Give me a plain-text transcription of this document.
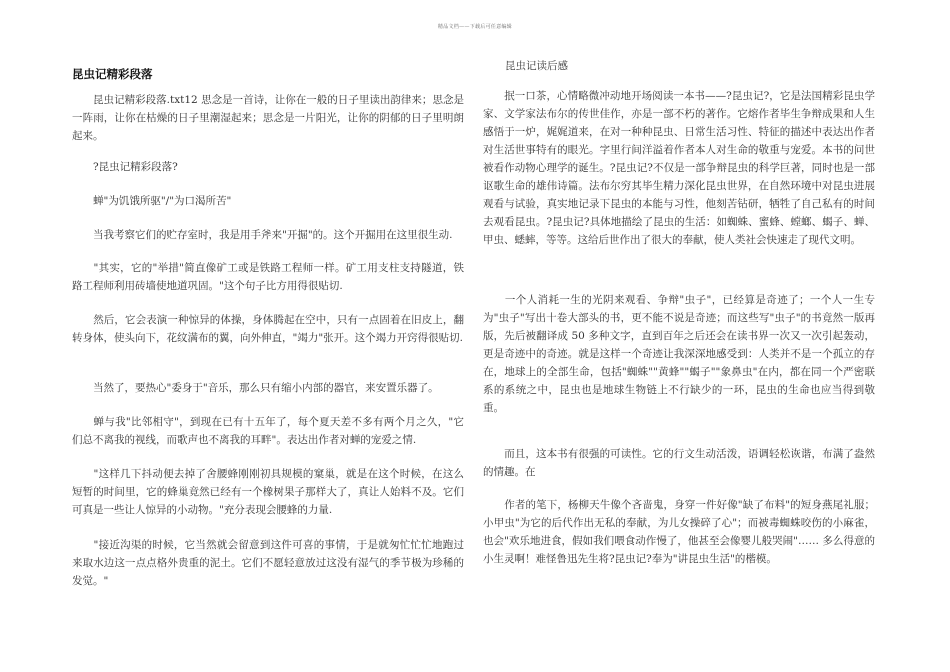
精品文档——下载后可任意编辑
昆虫记精彩段落

　　昆虫记精彩段落.txt12 思念是一首诗，让你在一般的日子里读出韵律来；思念是一阵雨，让你在枯燥的日子里潮湿起来；思念是一片阳光，让你的阴郁的日子里明朗起来。

　　?昆虫记精彩段落?

　　蝉"为饥饿所驱"/"为口渴所苦"

　　当我考察它们的贮存室时，我是用手斧来"开掘"的。这个开掘用在这里很生动.

　　"其实，它的"举措"简直像矿工或是铁路工程师一样。矿工用支柱支持隧道，铁路工程师利用砖墙使地道巩固。"这个句子比方用得很贴切.

　　然后，它会表演一种惊异的体操，身体腾起在空中，只有一点固着在旧皮上，翻转身体，使头向下，花纹满布的翼，向外伸直，"竭力"张开。这个竭力开窍得很贴切.

　　当然了，要热心"委身于"音乐，那么只有缩小内部的器官，来安置乐器了。

　　蝉与我"比邻相守"，到现在已有十五年了，每个夏天差不多有两个月之久，"它们总不离我的视线，而歌声也不离我的耳畔"。表达出作者对蝉的宠爱之情.

　　"这样几下抖动便去掉了舍腰蜂刚刚初具规模的窠巢，就是在这个时候，在这么短暂的时间里，它的蜂巢竟然已经有一个橡树果子那样大了，真让人始料不及。它们可真是一些让人惊异的小动物。"充分表现会腰蜂的力量.

　　"接近沟渠的时候，它当然就会留意到这件可喜的事情，于是就匆忙忙忙地跑过来取水边这一点点格外贵重的泥土。它们不愿轻意放过这没有湿气的季节极为珍稀的发觉。"

昆虫记读后感

　　抿一口茶，心情略微冲动地开场阅读一本书——?昆虫记?，它是法国精彩昆虫学家、文学家法布尔的传世佳作，亦是一部不朽的著作。它熔作者毕生争辩成果和人生感悟于一炉，娓娓道来，在对一种种昆虫、日常生活习性、特征的描述中表达出作者对生活世事特有的眼光。字里行间洋溢着作者本人对生命的敬重与宠爱。本书的问世被看作动物心理学的诞生。?昆虫记?不仅是一部争辩昆虫的科学巨著，同时也是一部讴歌生命的雄伟诗篇。法布尔穷其毕生精力深化昆虫世界，在自然环境中对昆虫进展观看与试验，真实地记录下昆虫的本能与习性，他刻苦钻研，牺牲了自己私有的时间去观看昆虫。?昆虫记?具体地描绘了昆虫的生活：如蜘蛛、蜜蜂、螳螂、蝎子、蝉、甲虫、蟋蟀，等等。这给后世作出了很大的奉献，使人类社会快速走了现代文明。

　　一个人消耗一生的光阴来观看、争辩"虫子"，已经算是奇迹了；一个人一生专为"虫子"写出十卷大部头的书，更不能不说是奇迹；而这些写"虫子"的书竟然一版再版，先后被翻译成 50 多种文字，直到百年之后还会在读书界一次又一次引起轰动，更是奇迹中的奇迹。就是这样一个奇迹让我深深地感受到：人类并不是一个孤立的存在，地球上的全部生命，包括"蜘蛛""黄蜂""蝎子""象鼻虫"在内，都在同一个严密联系的系统之中，昆虫也是地球生物链上不行缺少的一环，昆虫的生命也应当得到敬重。

　　而且，这本书有很强的可读性。它的行文生动活泼，语调轻松诙谐，布满了盎然的情趣。在

　　作者的笔下，杨柳天牛像个吝啬鬼，身穿一件好像"缺了布料"的短身燕尾礼服；小甲虫"为它的后代作出无私的奉献，为儿女操碎了心"；而被毒蜘蛛咬伤的小麻雀，也会"欢乐地进食，假如我们喂食动作慢了，他甚至会像婴儿般哭闹"…… 多么得意的小生灵啊！难怪鲁迅先生将?昆虫记?奉为"讲昆虫生活"的楷模。
